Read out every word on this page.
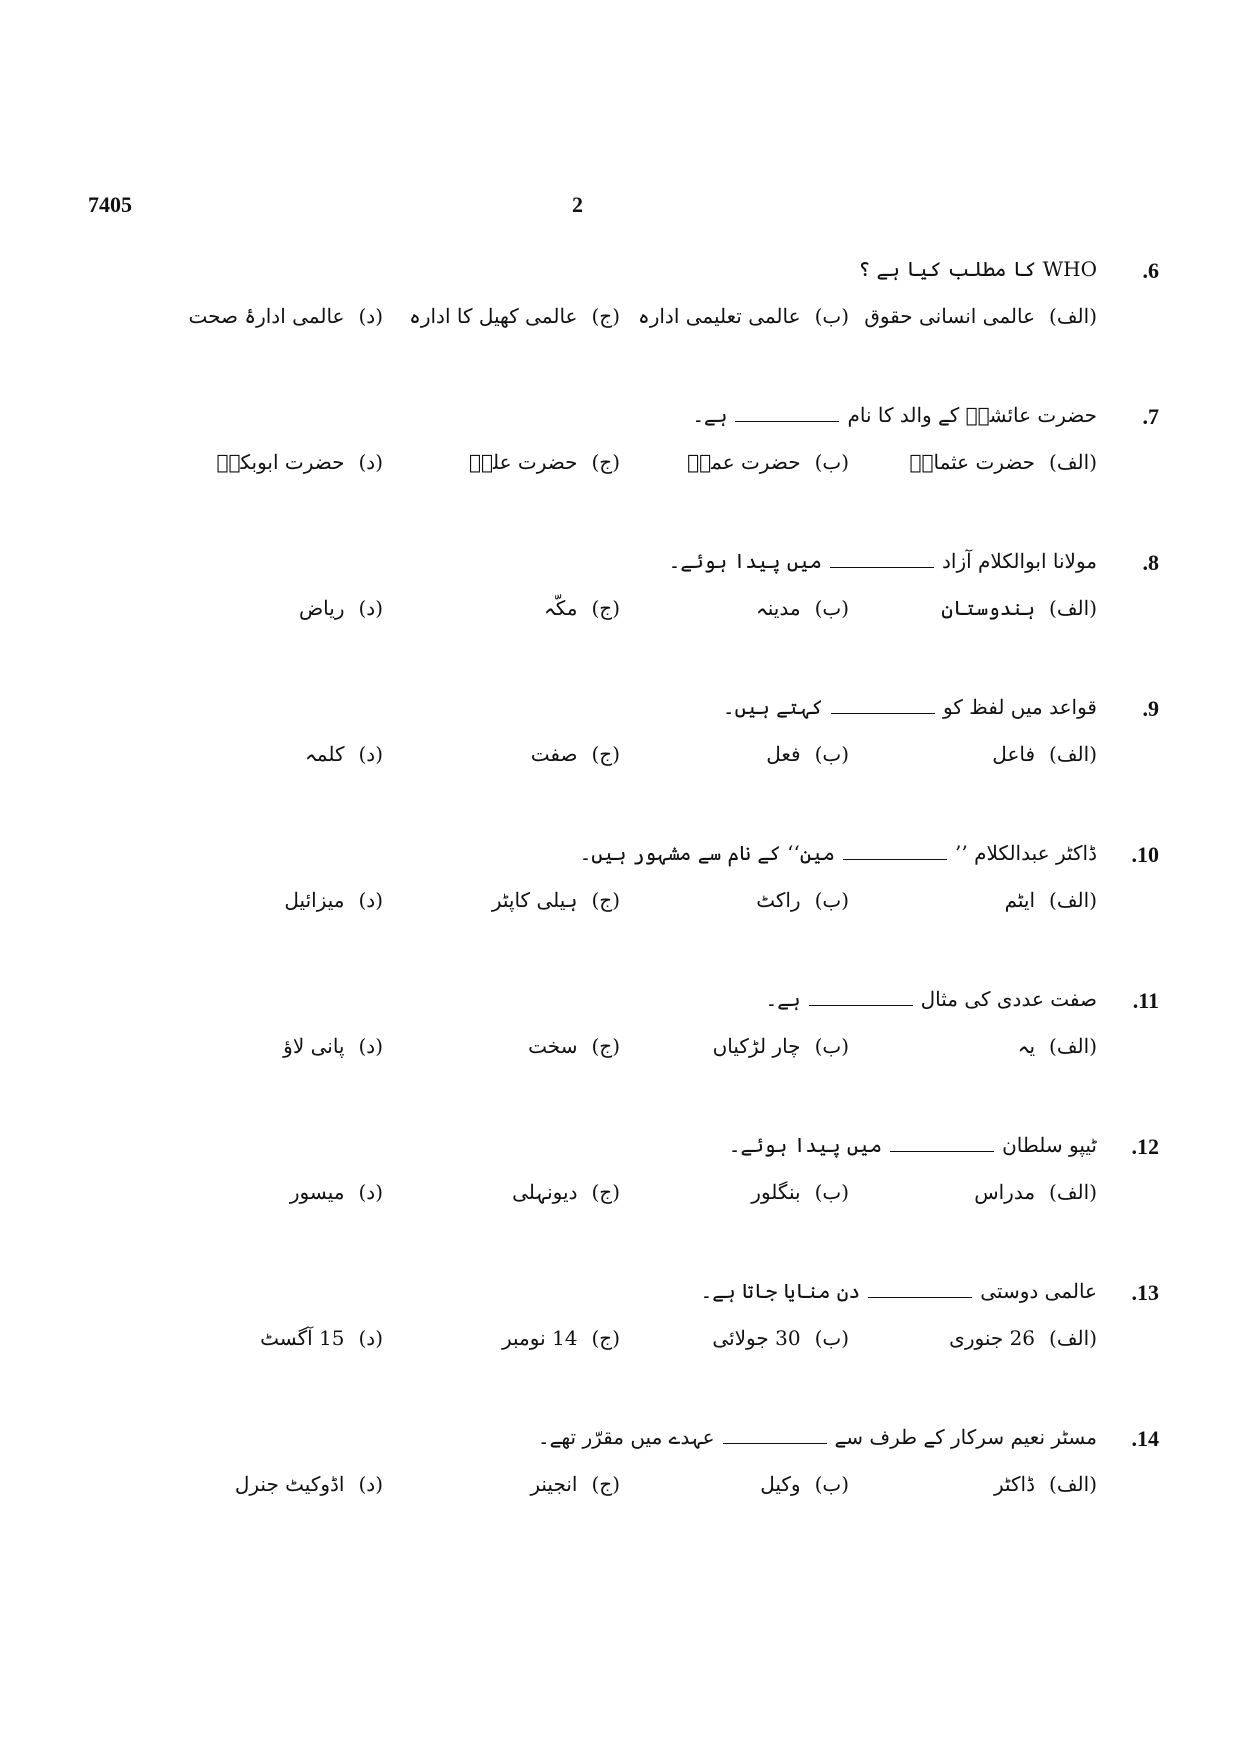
7405	2
.6
WHO کا مطلب کیا ہے ؟
(الف)عالمی انسانی حقوق
(ب)عالمی تعلیمی ادارہ
(ج)عالمی کھیل کا ادارہ
(د)عالمی ادارۂ صحت
.7
حضرت عائشہؓ کے والد کا نامہے۔
(الف)حضرت عثمانؓ
(ب)حضرت عمرؓ
(ج)حضرت علیؓ
(د)حضرت ابوبکرؓ
.8
مولانا ابوالکلام آزادمیں پیدا ہوئے۔
(الف)ہندوستان
(ب)مدینہ
(ج)مکّہ
(د)ریاض
.9
قواعد میں لفظ کوکہتے ہیں۔
(الف)فاعل
(ب)فعل
(ج)صفت
(د)کلمہ
.10
ڈاکٹر عبدالکلام ’’مین‘‘ کے نام سے مشہور ہیں۔
(الف)ایٹم
(ب)راکٹ
(ج)ہیلی کاپٹر
(د)میزائیل
.11
صفت عددی کی مثالہے۔
(الف)یہ
(ب)چار لڑکیاں
(ج)سخت
(د)پانی لاؤ
.12
ٹیپو سلطانمیں پیدا ہوئے۔
(الف)مدراس
(ب)بنگلور
(ج)دیونہلی
(د)میسور
.13
عالمی دوستیدن منایا جاتا ہے۔
(الف)26 جنوری
(ب)30 جولائی
(ج)14 نومبر
(د)15 آگسٹ
.14
مسٹر نعیم سرکار کے طرف سےعہدے میں مقرّر تھے۔
(الف)ڈاکٹر
(ب)وکیل
(ج)انجینر
(د)اڈوکیٹ جنرل
